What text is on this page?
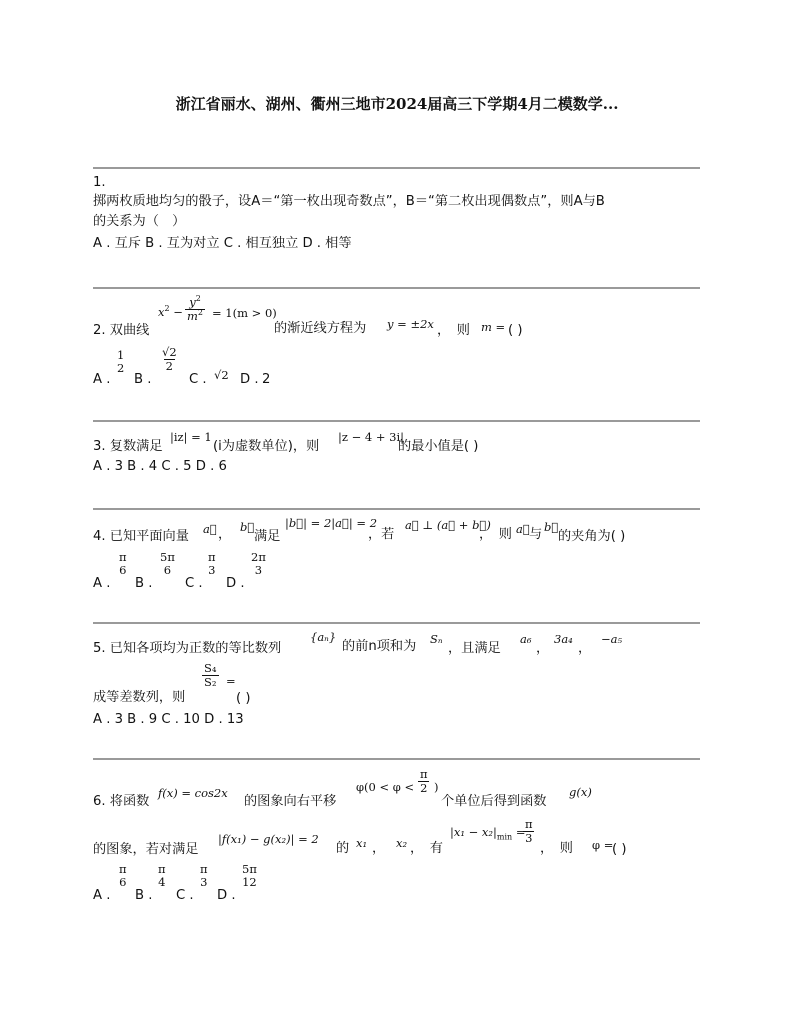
浙江省丽水、湖州、衢州三地市2024届高三下学期4月二模数学...
1.
掷两枚质地均匀的骰子，设A＝“第一枚出现奇数点”，B＝“第二枚出现偶数点”，则A与B
的关系为（　）
A . 互斥 B . 互为对立 C . 相互独立 D . 相等
2. 双曲线
$x^2 - \frac{y^2}{m^2} = 1(m > 0)$
的渐近线方程为 y = ±2x ，　则 m = ( )
A .
1
2
B .
$\frac{√2}{2}$
C . √2 D . 2
3. 复数满足
|iz| = 1
(i为虚数单位)，则
|z − 4 + 3i|
的最小值是( )
A . 3 B . 4 C . 5 D . 6
4. 已知平面向量 a⃗ ， b⃗
满足
|b⃗| = 2|a⃗| = 2
，若
a⃗ ⊥ (a⃗ + b⃗)
，　则 a⃗ 与 b⃗
的夹角为( )
A .
π
6
B .
5π
6
C .
π
3
D .
2π
3
5. 已知各项均为正数的等比数列
{aₙ}
的前n项和为 Sₙ
，且满足
a₆
，
3a₄
，
−a₅
成等差数列，则
$\frac{\text{S₄}}{\text{S₂}}$ =
( )
A . 3 B . 9 C . 10 D . 13
6. 将函数
f(x) = cos2x
的图象向右平移
$\varphi(0 < \varphi < \frac{\pi}{2}$ )
个单位后得到函数
g(x)
的图象，若对满足
|f(x₁) − g(x₂)| = 2
的 x₁ ， x₂ ，　有
$|x_1 - x_2|_{min}$ =
$\frac{\pi}{3}$
，　则 φ =
( )
A .
π
6
B .
π
4
C .
π
3
D .
5π
12
